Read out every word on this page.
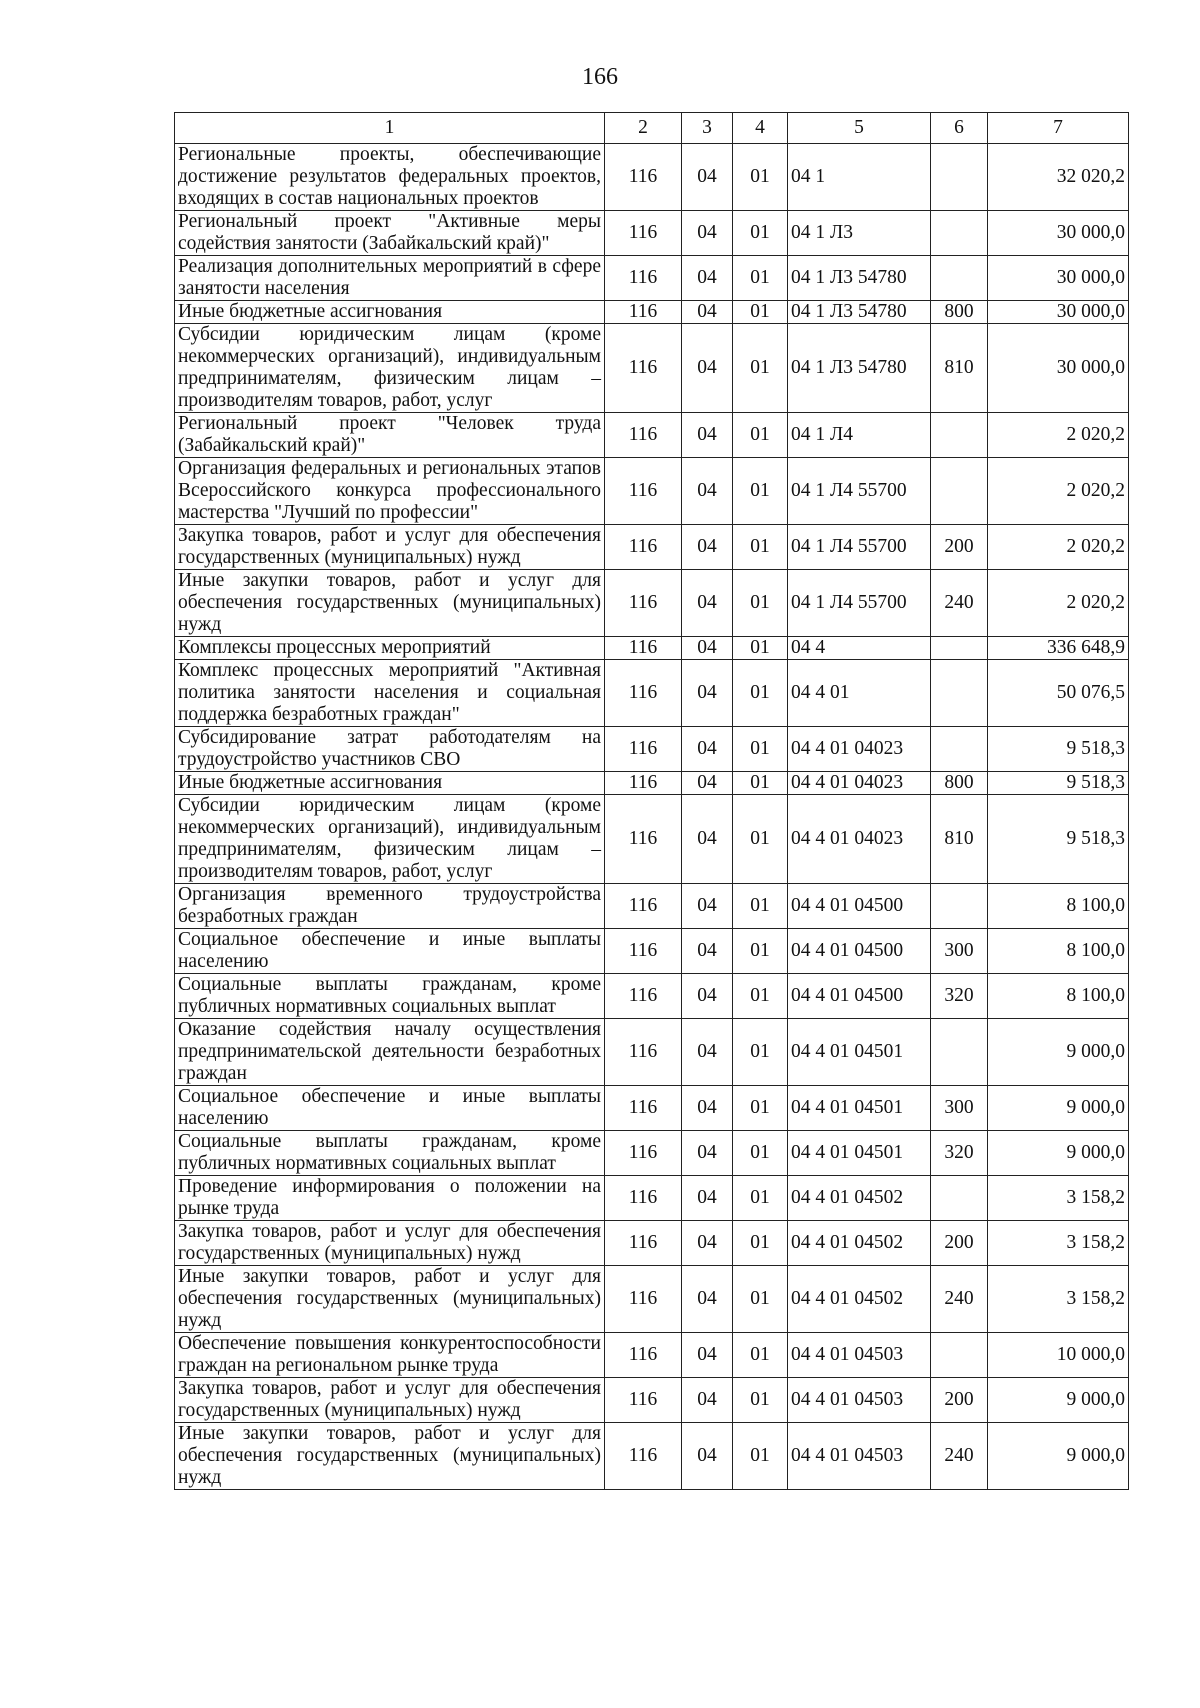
166
1	2	3	4	5	6	7
Региональные проекты, обеспечивающие достижение результатов федеральных проектов, входящих в состав национальных проектов	116	04	01	04 1		32 020,2
Региональный проект "Активные меры содействия занятости (Забайкальский край)"	116	04	01	04 1 Л3		30 000,0
Реализация дополнительных мероприятий в сфере занятости населения	116	04	01	04 1 Л3 54780		30 000,0
Иные бюджетные ассигнования	116	04	01	04 1 Л3 54780	800	30 000,0
Субсидии юридическим лицам (кроме некоммерческих организаций), индивидуальным предпринимателям, физическим лицам – производителям товаров, работ, услуг	116	04	01	04 1 Л3 54780	810	30 000,0
Региональный проект "Человек труда (Забайкальский край)"	116	04	01	04 1 Л4		2 020,2
Организация федеральных и региональных этапов Всероссийского конкурса профессионального мастерства "Лучший по профессии"	116	04	01	04 1 Л4 55700		2 020,2
Закупка товаров, работ и услуг для обеспечения государственных (муниципальных) нужд	116	04	01	04 1 Л4 55700	200	2 020,2
Иные закупки товаров, работ и услуг для обеспечения государственных (муниципальных) нужд	116	04	01	04 1 Л4 55700	240	2 020,2
Комплексы процессных мероприятий	116	04	01	04 4		336 648,9
Комплекс процессных мероприятий "Активная политика занятости населения и социальная поддержка безработных граждан"	116	04	01	04 4 01		50 076,5
Субсидирование затрат работодателям на трудоустройство участников СВО	116	04	01	04 4 01 04023		9 518,3
Иные бюджетные ассигнования	116	04	01	04 4 01 04023	800	9 518,3
Субсидии юридическим лицам (кроме некоммерческих организаций), индивидуальным предпринимателям, физическим лицам – производителям товаров, работ, услуг	116	04	01	04 4 01 04023	810	9 518,3
Организация временного трудоустройства безработных граждан	116	04	01	04 4 01 04500		8 100,0
Социальное обеспечение и иные выплаты населению	116	04	01	04 4 01 04500	300	8 100,0
Социальные выплаты гражданам, кроме публичных нормативных социальных выплат	116	04	01	04 4 01 04500	320	8 100,0
Оказание содействия началу осуществления предпринимательской деятельности безработных граждан	116	04	01	04 4 01 04501		9 000,0
Социальное обеспечение и иные выплаты населению	116	04	01	04 4 01 04501	300	9 000,0
Социальные выплаты гражданам, кроме публичных нормативных социальных выплат	116	04	01	04 4 01 04501	320	9 000,0
Проведение информирования о положении на рынке труда	116	04	01	04 4 01 04502		3 158,2
Закупка товаров, работ и услуг для обеспечения государственных (муниципальных) нужд	116	04	01	04 4 01 04502	200	3 158,2
Иные закупки товаров, работ и услуг для обеспечения государственных (муниципальных) нужд	116	04	01	04 4 01 04502	240	3 158,2
Обеспечение повышения конкурентоспособности граждан на региональном рынке труда	116	04	01	04 4 01 04503		10 000,0
Закупка товаров, работ и услуг для обеспечения государственных (муниципальных) нужд	116	04	01	04 4 01 04503	200	9 000,0
Иные закупки товаров, работ и услуг для обеспечения государственных (муниципальных) нужд	116	04	01	04 4 01 04503	240	9 000,0
